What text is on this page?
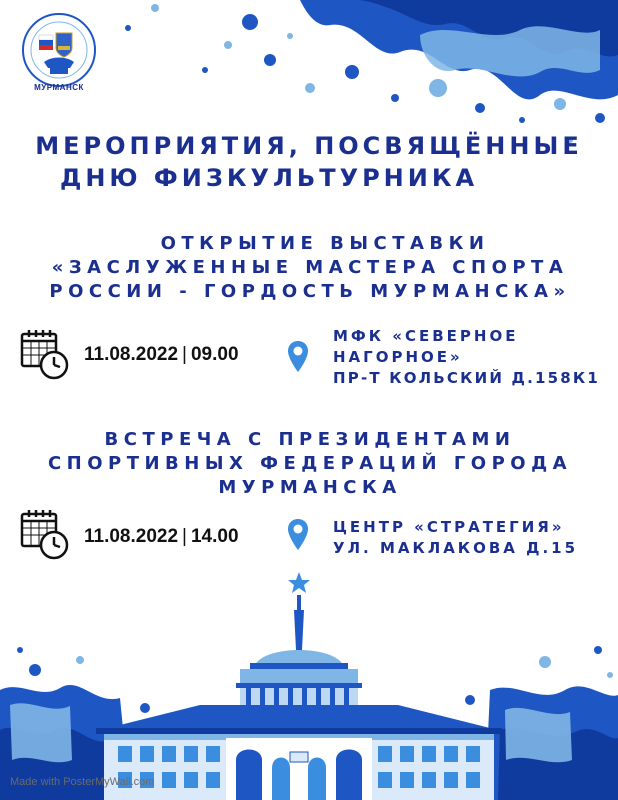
МУРМАНСК
МЕРОПРИЯТИЯ, ПОСВЯЩЁННЫЕ
ДНЮ ФИЗКУЛЬТУРНИКА
ОТКРЫТИЕ ВЫСТАВКИ
«ЗАСЛУЖЕННЫЕ МАСТЕРА СПОРТА
РОССИИ - ГОРДОСТЬ МУРМАНСКА»
11.08.2022 | 09.00
МФК «СЕВЕРНОЕ
НАГОРНОЕ»
ПР-Т КОЛЬСКИЙ Д.158К1
ВСТРЕЧА С ПРЕЗИДЕНТАМИ
СПОРТИВНЫХ ФЕДЕРАЦИЙ ГОРОДА
МУРМАНСКА
11.08.2022 | 14.00	ЦЕНТР «СТРАТЕГИЯ»
УЛ. МАКЛАКОВА Д.15
Made with PosterMyWall.com
